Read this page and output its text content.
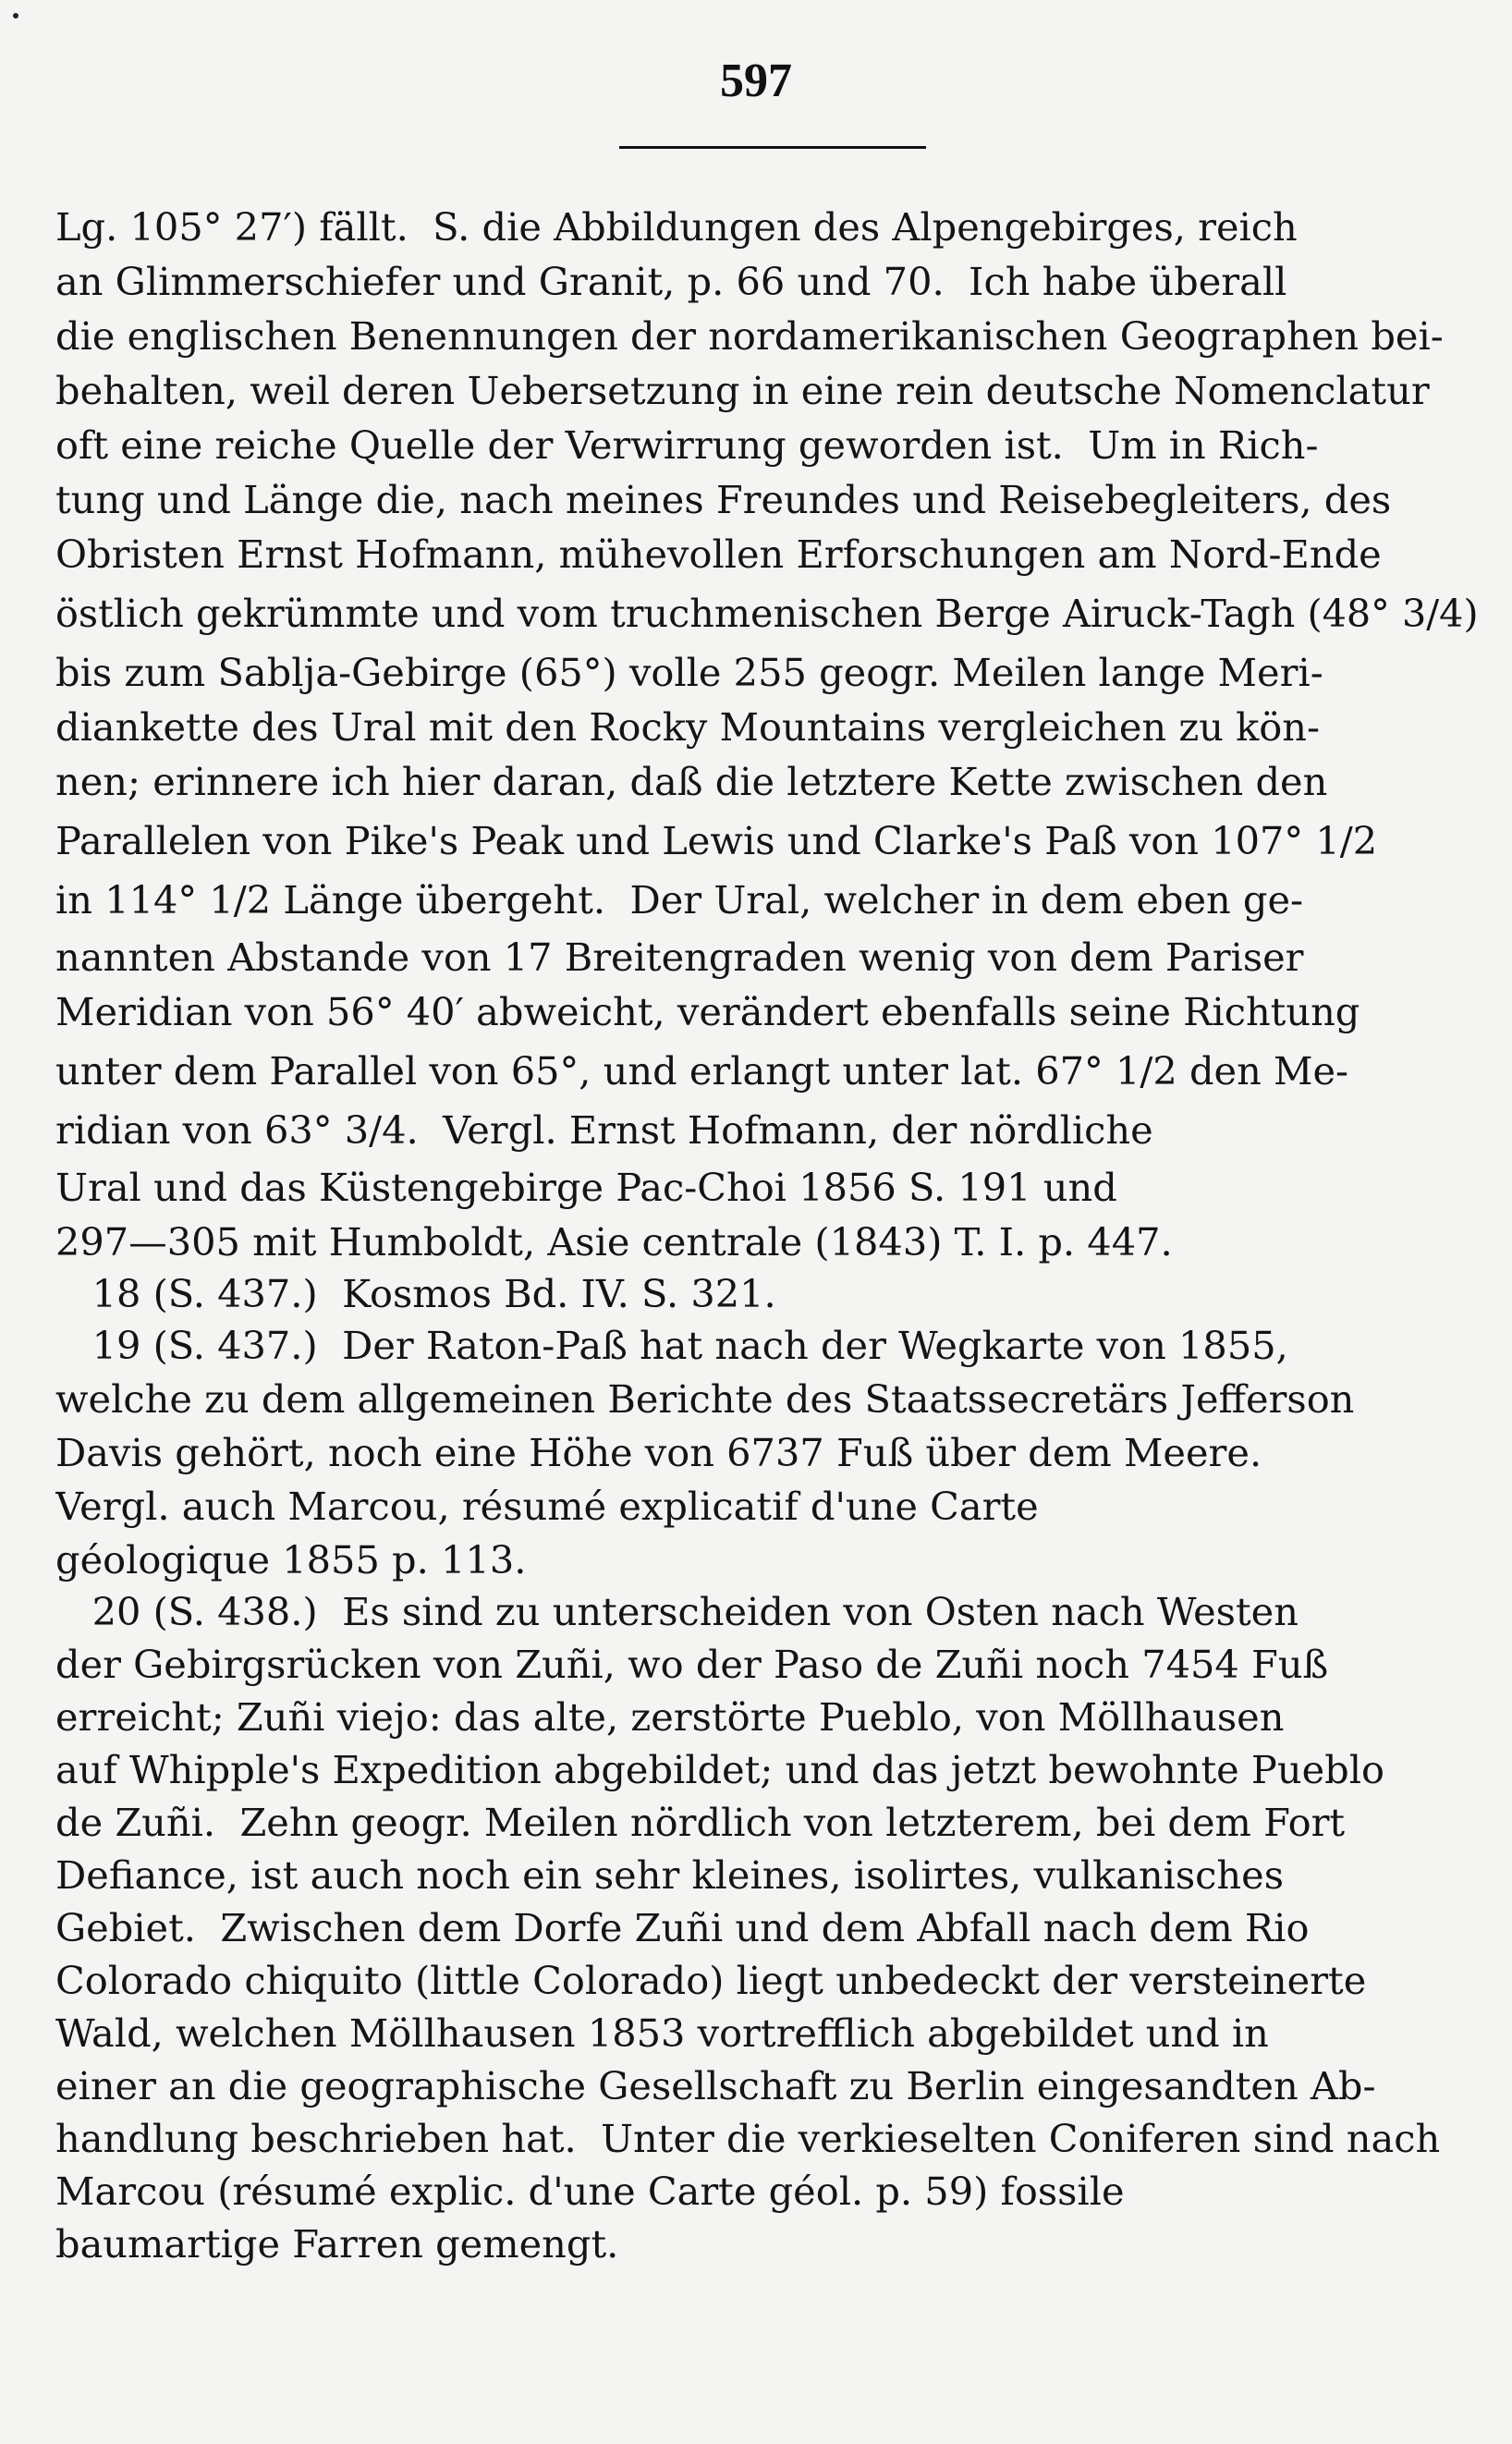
597
Lg. 105° 27′) fällt.  S. die Abbildungen des Alpengebirges, reich
an Glimmerschiefer und Granit, p. 66 und 70.  Ich habe überall
die englischen Benennungen der nordamerikanischen Geographen bei-
behalten, weil deren Uebersetzung in eine rein deutsche Nomenclatur
oft eine reiche Quelle der Verwirrung geworden ist.  Um in Rich-
tung und Länge die, nach meines Freundes und Reisebegleiters, des
Obristen Ernst Hofmann, mühevollen Erforschungen am Nord-Ende
östlich gekrümmte und vom truchmenischen Berge Airuck-Tagh (48° 3/4)
bis zum Sablja-Gebirge (65°) volle 255 geogr. Meilen lange Meri-
diankette des Ural mit den Rocky Mountains vergleichen zu kön-
nen; erinnere ich hier daran, daß die letztere Kette zwischen den
Parallelen von Pike's Peak und Lewis und Clarke's Paß von 107° 1/2
in 114° 1/2 Länge übergeht.  Der Ural, welcher in dem eben ge-
nannten Abstande von 17 Breitengraden wenig von dem Pariser
Meridian von 56° 40′ abweicht, verändert ebenfalls seine Richtung
unter dem Parallel von 65°, und erlangt unter lat. 67° 1/2 den Me-
ridian von 63° 3/4.  Vergl. Ernst Hofmann, der nördliche
Ural und das Küstengebirge Pac-Choi 1856 S. 191 und
297—305 mit Humboldt, Asie centrale (1843) T. I. p. 447.
18 (S. 437.)  Kosmos Bd. IV. S. 321.
19 (S. 437.)  Der Raton-Paß hat nach der Wegkarte von 1855,
welche zu dem allgemeinen Berichte des Staatssecretärs Jefferson
Davis gehört, noch eine Höhe von 6737 Fuß über dem Meere.
Vergl. auch Marcou, résumé explicatif d'une Carte
géologique 1855 p. 113.
20 (S. 438.)  Es sind zu unterscheiden von Osten nach Westen
der Gebirgsrücken von Zuñi, wo der Paso de Zuñi noch 7454 Fuß
erreicht; Zuñi viejo: das alte, zerstörte Pueblo, von Möllhausen
auf Whipple's Expedition abgebildet; und das jetzt bewohnte Pueblo
de Zuñi.  Zehn geogr. Meilen nördlich von letzterem, bei dem Fort
Defiance, ist auch noch ein sehr kleines, isolirtes, vulkanisches
Gebiet.  Zwischen dem Dorfe Zuñi und dem Abfall nach dem Rio
Colorado chiquito (little Colorado) liegt unbedeckt der versteinerte
Wald, welchen Möllhausen 1853 vortrefflich abgebildet und in
einer an die geographische Gesellschaft zu Berlin eingesandten Ab-
handlung beschrieben hat.  Unter die verkieselten Coniferen sind nach
Marcou (résumé explic. d'une Carte géol. p. 59) fossile
baumartige Farren gemengt.
